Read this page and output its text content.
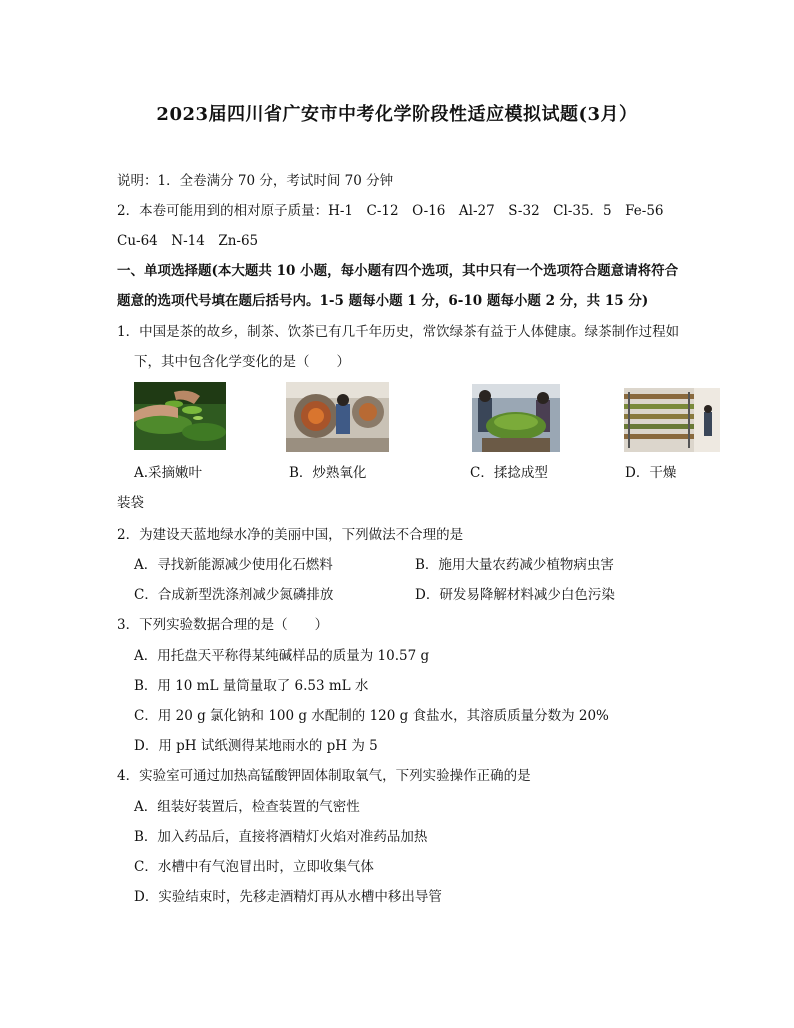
2023届四川省广安市中考化学阶段性适应模拟试题(3月）
说明：1．全卷满分 70 分，考试时间 70 分钟
2．本卷可能用到的相对原子质量：H-1　C-12　O-16　Al-27　S-32　Cl-35．5　Fe-56
Cu-64　N-14　Zn-65
一、单项选择题(本大题共 10 小题，每小题有四个选项，其中只有一个选项符合题意请将符合
题意的选项代号填在题后括号内。1-5 题每小题 1 分，6-10 题每小题 2 分，共 15 分)
1．中国是茶的故乡，制茶、饮茶已有几千年历史，常饮绿茶有益于人体健康。绿茶制作过程如
下，其中包含化学变化的是（　　）
A.采摘嫩叶	B．炒熟氧化	C．揉捻成型	D．干燥
装袋
2．为建设天蓝地绿水净的美丽中国，下列做法不合理的是
A．寻找新能源减少使用化石燃料	B．施用大量农药减少植物病虫害
C．合成新型洗涤剂减少氮磷排放	D．研发易降解材料减少白色污染
3．下列实验数据合理的是（　　）
A．用托盘天平称得某纯碱样品的质量为 10.57 g
B．用 10 mL 量筒量取了 6.53 mL 水
C．用 20 g 氯化钠和 100 g 水配制的 120 g 食盐水，其溶质质量分数为 20%
D．用 pH 试纸测得某地雨水的 pH 为 5
4．实验室可通过加热高锰酸钾固体制取氧气，下列实验操作正确的是
A．组装好装置后，检查装置的气密性
B．加入药品后，直接将酒精灯火焰对准药品加热
C．水槽中有气泡冒出时，立即收集气体
D．实验结束时，先移走酒精灯再从水槽中移出导管
